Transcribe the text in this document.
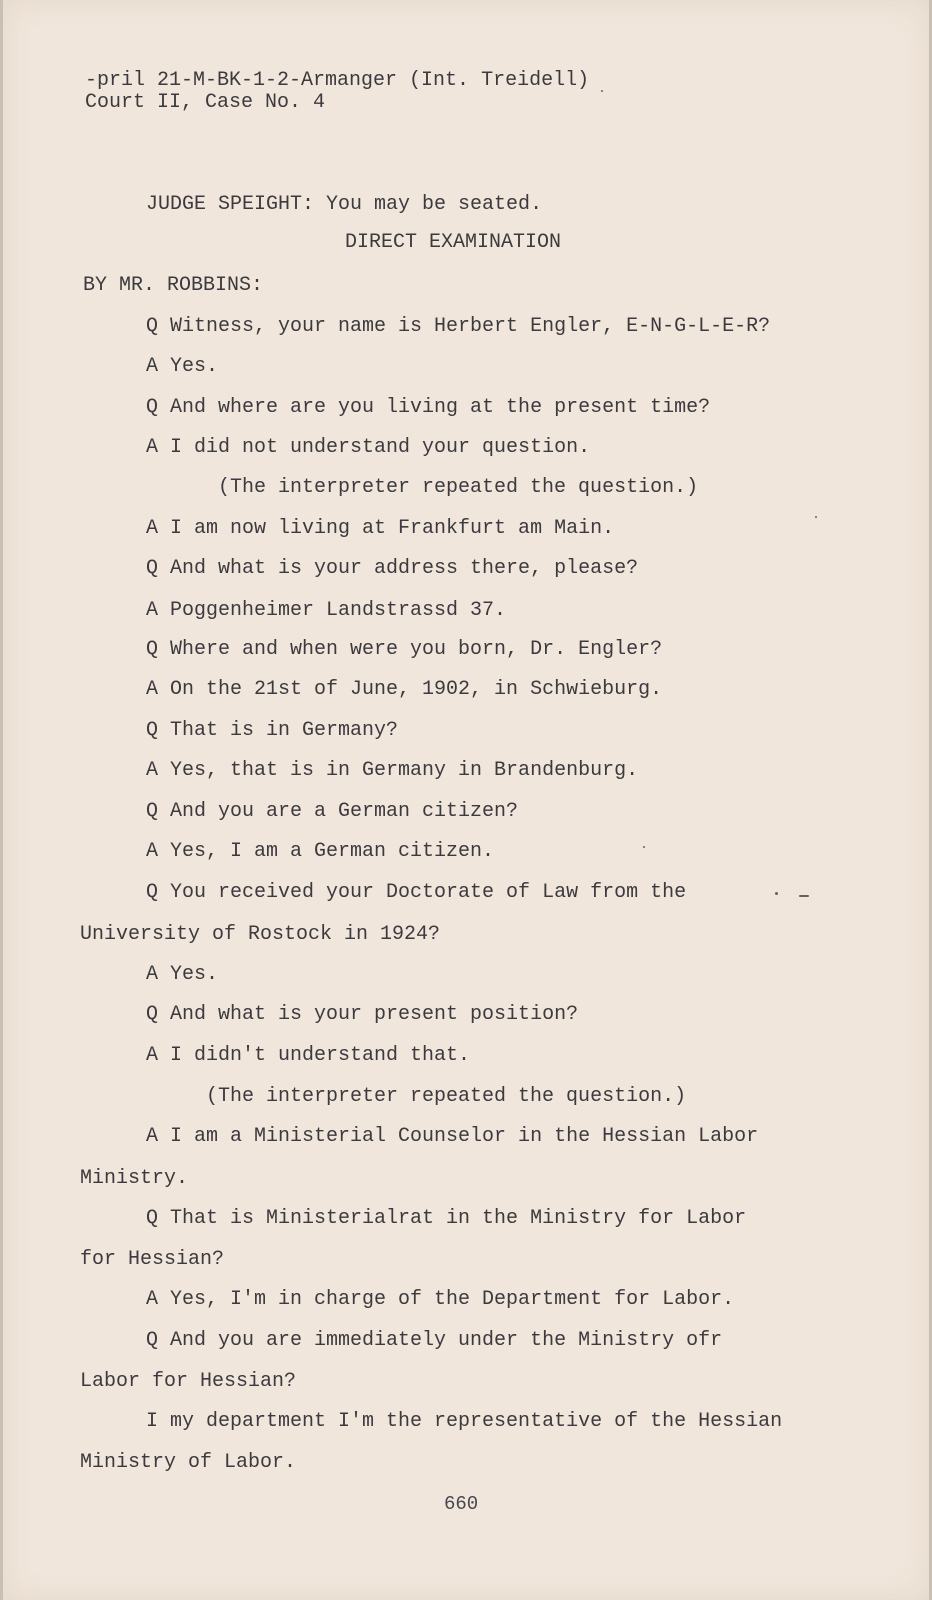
-pril 21-M-BK-1-2-Armanger (Int. Treidell)

Court II, Case No. 4

JUDGE SPEIGHT: You may be seated.

DIRECT EXAMINATION

BY MR. ROBBINS:

Q Witness, your name is Herbert Engler, E-N-G-L-E-R?

A Yes.

Q And where are you living at the present time?

A I did not understand your question.

(The interpreter repeated the question.)

A I am now living at Frankfurt am Main.

Q And what is your address there, please?

A Poggenheimer Landstrassd 37.

Q Where and when were you born, Dr. Engler?

A On the 21st of June, 1902, in Schwieburg.

Q That is in Germany?

A Yes, that is in Germany in Brandenburg.

Q And you are a German citizen?

A Yes, I am a German citizen.

Q You received your Doctorate of Law from the

University of Rostock in 1924?

A Yes.

Q And what is your present position?

A I didn't understand that.

(The interpreter repeated the question.)

A I am a Ministerial Counselor in the Hessian Labor

Ministry.

Q That is Ministerialrat in the Ministry for Labor

for Hessian?

A Yes, I'm in charge of the Department for Labor.

Q And you are immediately under the Ministry ofr

Labor for Hessian?

I my department I'm the representative of the Hessian

Ministry of Labor.

660
